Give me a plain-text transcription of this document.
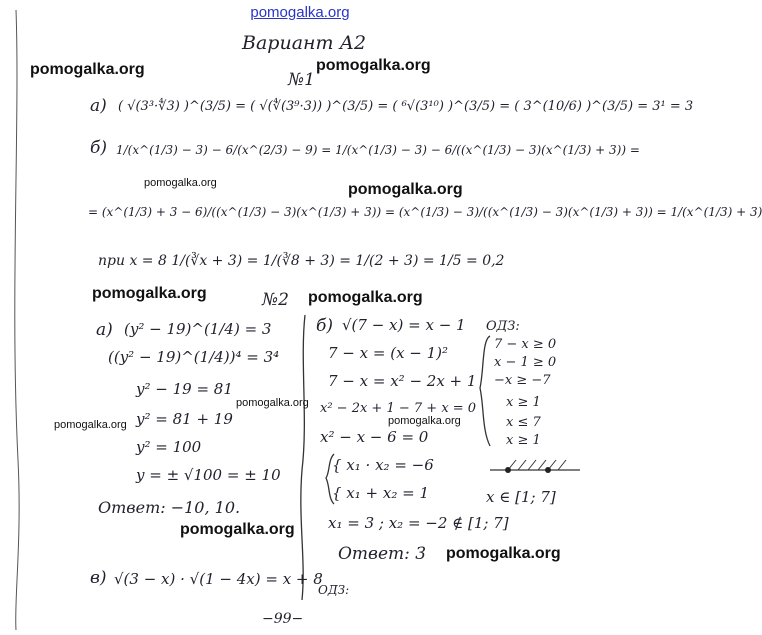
pomogalka.org
Вариант А2
№1
а) ( √(3³·∜3) )^(3/5) = ( √(∜(3⁹·3)) )^(3/5) = ( ⁶√(3¹⁰) )^(3/5) = ( 3^(10/6) )^(3/5) = 3¹ = 3
б) 1/(x^(1/3) − 3) − 6/(x^(2/3) − 9) = 1/(x^(1/3) − 3) − 6/((x^(1/3) − 3)(x^(1/3) + 3)) =
= (x^(1/3) + 3 − 6)/((x^(1/3) − 3)(x^(1/3) + 3)) = (x^(1/3) − 3)/((x^(1/3) − 3)(x^(1/3) + 3)) = 1/(x^(1/3) + 3)
при x = 8 1/(∛x + 3) = 1/(∛8 + 3) = 1/(2 + 3) = 1/5 = 0,2
№2
а) (y² − 19)^(1/4) = 3
((y² − 19)^(1/4))⁴ = 3⁴
y² − 19 = 81
y² = 81 + 19
y² = 100
y = ± √100 = ± 10
Ответ: −10, 10.
б) √(7 − x) = x − 1
7 − x = (x − 1)²
7 − x = x² − 2x + 1
x² − 2x + 1 − 7 + x = 0
x² − x − 6 = 0
{ x₁ · x₂ = −6
{ x₁ + x₂ = 1
x₁ = 3 ; x₂ = −2 ∉ [1; 7]
Ответ: 3
ОДЗ:
7 − x ≥ 0
x − 1 ≥ 0
−x ≥ −7
x ≥ 1
x ≤ 7
x ≥ 1
x ∈ [1; 7]
в) √(3 − x) · √(1 − 4x) = x + 8
ОДЗ:
−99−
pomogalka.org	pomogalka.org
pomogalka.org	pomogalka.org
pomogalka.org	pomogalka.org
pomogalka.org
pomogalka.org	pomogalka.org
pomogalka.org
pomogalka.org
